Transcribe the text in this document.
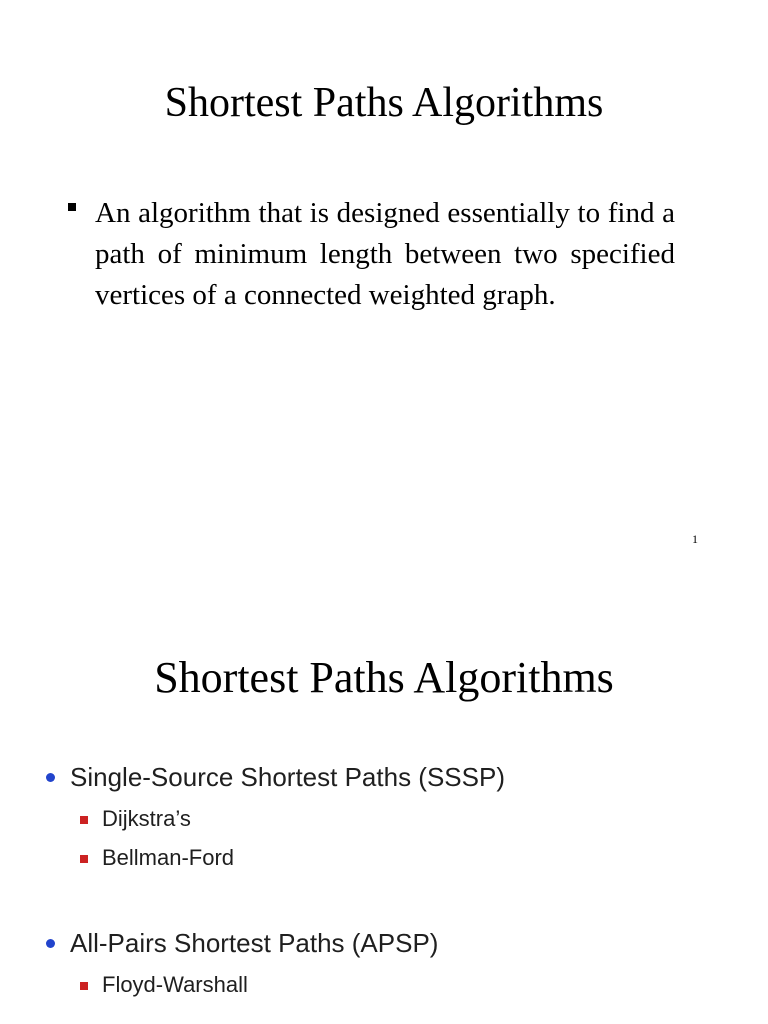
Shortest Paths Algorithms

An algorithm that is designed essentially to find a path of minimum length between two specified vertices of a connected weighted graph.

1

Shortest Paths Algorithms
Single-Source Shortest Paths (SSSP)
Dijkstra’s
Bellman-Ford
All-Pairs Shortest Paths (APSP)
Floyd-Warshall
